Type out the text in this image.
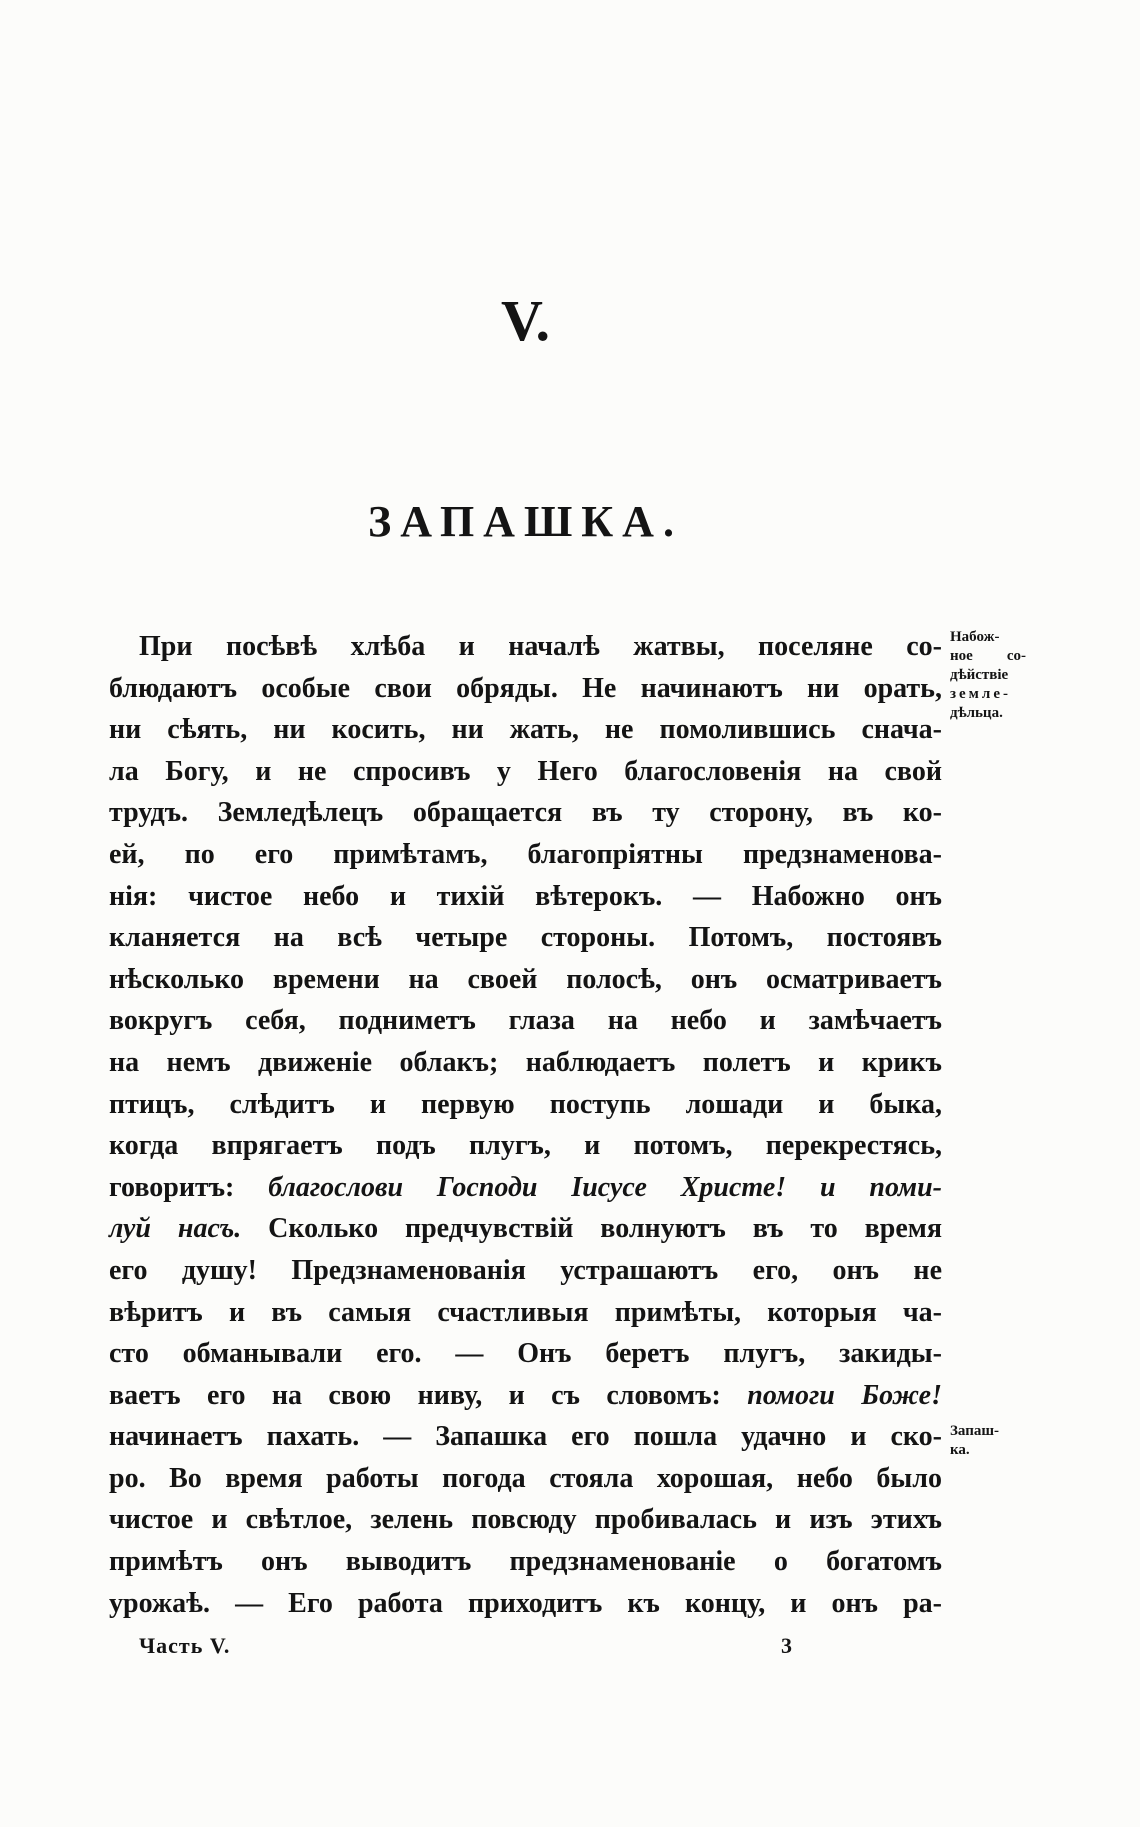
V.
ЗАПАШКА.
При посѣвѣ хлѣба и началѣ жатвы, поселяне со-
блюдаютъ особые свои обряды. Не начинаютъ ни орать,
ни сѣять, ни косить, ни жать, не помолившись снача-
ла Богу, и не спросивъ у Него благословенія на свой
трудъ. Земледѣлецъ обращается въ ту сторону, въ ко-
ей, по его примѣтамъ, благопріятны предзнаменова-
нія: чистое небо и тихій вѣтерокъ. — Набожно онъ
кланяется на всѣ четыре стороны. Потомъ, постоявъ
нѣсколько времени на своей полосѣ, онъ осматриваетъ
вокругъ себя, подниметъ глаза на небо и замѣчаетъ
на немъ движеніе облакъ; наблюдаетъ полетъ и крикъ
птицъ, слѣдитъ и первую поступь лошади и быка,
когда впрягаетъ подъ плугъ, и потомъ, перекрестясь,
говоритъ: благослови Господи Іисусе Христе! и поми-
луй насъ. Сколько предчувствій волнуютъ въ то время
его душу! Предзнаменованія устрашаютъ его, онъ не
вѣритъ и въ самыя счастливыя примѣты, которыя ча-
сто обманывали его. — Онъ беретъ плугъ, закиды-
ваетъ его на свою ниву, и съ словомъ: помоги Боже!
начинаетъ пахать. — Запашка его пошла удачно и ско-
ро. Во время работы погода стояла хорошая, небо было
чистое и свѣтлое, зелень повсюду пробивалась и изъ этихъ
примѣтъ онъ выводитъ предзнаменованіе о богатомъ
урожаѣ. — Его работа приходитъ къ концу, и онъ ра-
Набож-
ное со-
дѣйствіе
земле-
дѣльца.
Запаш-
ка.
Часть V.	3
